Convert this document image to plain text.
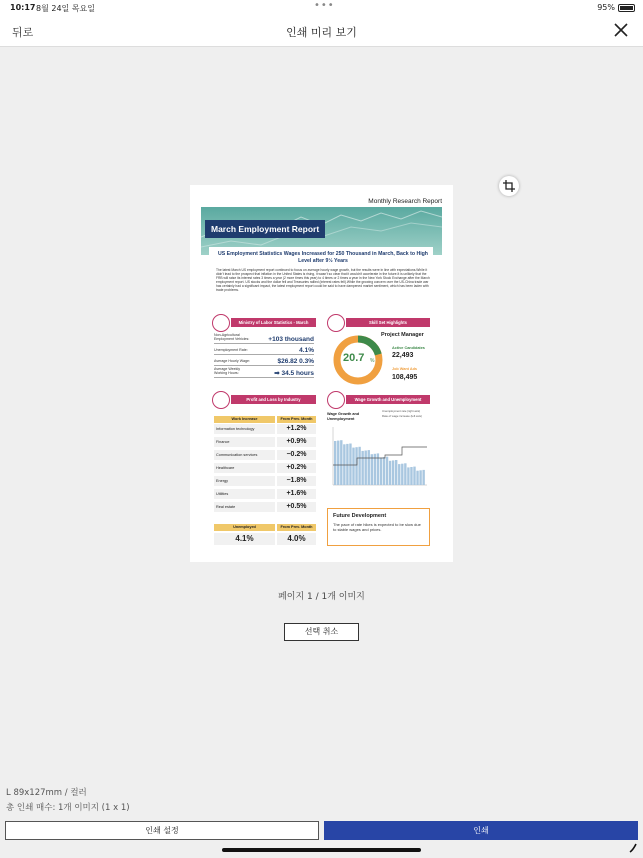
10:17 8월 24일 목요일	•••	95%
뒤로	인쇄 미리 보기
Monthly Research Report
March Employment Report
US Employment Statistics Wages Increased for 250 Thousand in March, Back to High Level after 9½ Years
The latest March US employment report continued to focus on average hourly wage growth, but the results were in line with expectations.While it didn't lead to the prospect that inflation in the United States is rising, it wasn't so clear that it wouldn't accelerate in the future.It is unlikely that the FRB will raise its interest rates 3 times a year (2 more times this year) to 4 times or 2 times a year in the New York Stock Exchange after the March employment report. US stocks and the dollar fell and Treasuries rallied (interest rates fell).While the growing concern over the US-China trade war has certainly had a significant impact, the latest employment report could be said to have dampened market sentiment, which has been laden with trade problems.
Ministry of Labor Statistics - March
Non-Agricultural Employment Vehicles:	+103 thousand
Unemployment Rate:	4.1%
Average Hourly Wage:	$26.82 0.3%
Average Weekly Working Hours:	➡ 34.5 hours
Skill Set Highlights
20.7 %
Project Manager
Active Candidates
22,493
Job Want Ads
108,495
Profit and Loss by Industry
Work Increase	From Prev. Month
Information technology	+1.2%
Finance	+0.9%
Communication services	−0.2%
Healthcare	+0.2%
Energy	−1.8%
Utilities	+1.6%
Real estate	+0.5%
Unemployed	From Prev. Month
4.1%	4.0%
Wage Growth and Unemployment
Wage Growth and Unemployment
Unemployment rate (right axis)
Rate of wage increase (left axis)
Future Development
The pace of rate hikes is expected to be slow due to stable wages and prices.
페이지 1 / 1개 이미지
선택 취소
L 89x127mm / 컬러
총 인쇄 매수: 1개 이미지 (1 x 1)
인쇄 설정	인쇄
